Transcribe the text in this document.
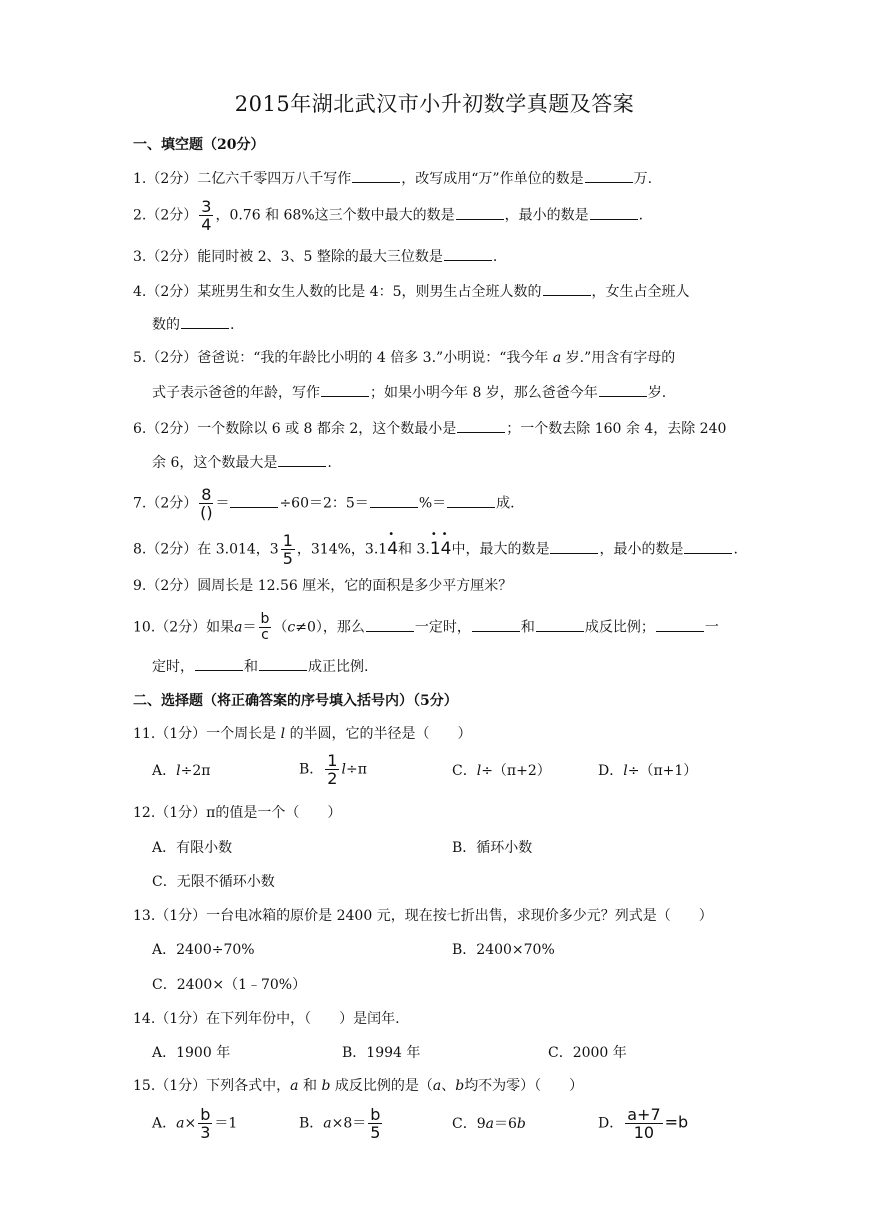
2015年湖北武汉市小升初数学真题及答案
一、填空题（20分）
1.（2分）二亿六千零四万八千写作	，改写成用“万”作单位的数是	万.
2.（2分） $\frac{3}{4}$ ，0.76 和 68%这三个数中最大的数是	，最小的数是	.
3.（2分）能同时被 2、3、5 整除的最大三位数是	.
4.（2分）某班男生和女生人数的比是 4：5，则男生占全班人数的	，女生占全班人
数的	.
5.（2分）爸爸说：“我的年龄比小明的 4 倍多 3.”小明说：“我今年 a 岁.”用含有字母的
式子表示爸爸的年龄，写作	；如果小明今年 8 岁，那么爸爸今年	岁.
6.（2分）一个数除以 6 或 8 都余 2，这个数最小是	；一个数去除 160 余 4，去除 240
余 6，这个数最大是	.
7.（2分） $\frac{8}{()}$ ＝	÷60＝2：5＝	%＝	成.
8.（2分）在 3.014，$3 \frac{1}{5}$ ，314%，3.1• 4和 3.• 1• 4中，最大的数是	，最小的数是	.
9.（2分）圆周长是 12.56 厘米，它的面积是多少平方厘米？
10.（2分）如果$a= \frac{b}{c} (c\ne 0)$，那么	一定时，	和	成反比例；	一
定时，	和	成正比例.
二、选择题（将正确答案的序号填入括号内）（5分）
11.（1分）一个周长是 l 的半圆，它的半径是（　　）
A．l÷2π	B． $\frac{1}{2} l\div\pi$	C．l÷（π+2）	D．l÷（π+1）
12.（1分）π的值是一个（　　）
A．有限小数	B．循环小数
C．无限不循环小数
13.（1分）一台电冰箱的原价是 2400 元，现在按七折出售，求现价多少元？列式是（　　）
A．2400÷70%	B．2400×70%
C．2400×（1﹣70%）
14.（1分）在下列年份中，（　　）是闰年.
A．1900 年	B．1994 年	C．2000 年
15.（1分）下列各式中，a 和 b 成反比例的是（a、b均不为零）（　　）
A．$a\times \frac{b}{3} =1$	B．$a\times 8= \frac{b}{5}$	C．9a＝6b	D． $\frac{a+7}{10} =b$
